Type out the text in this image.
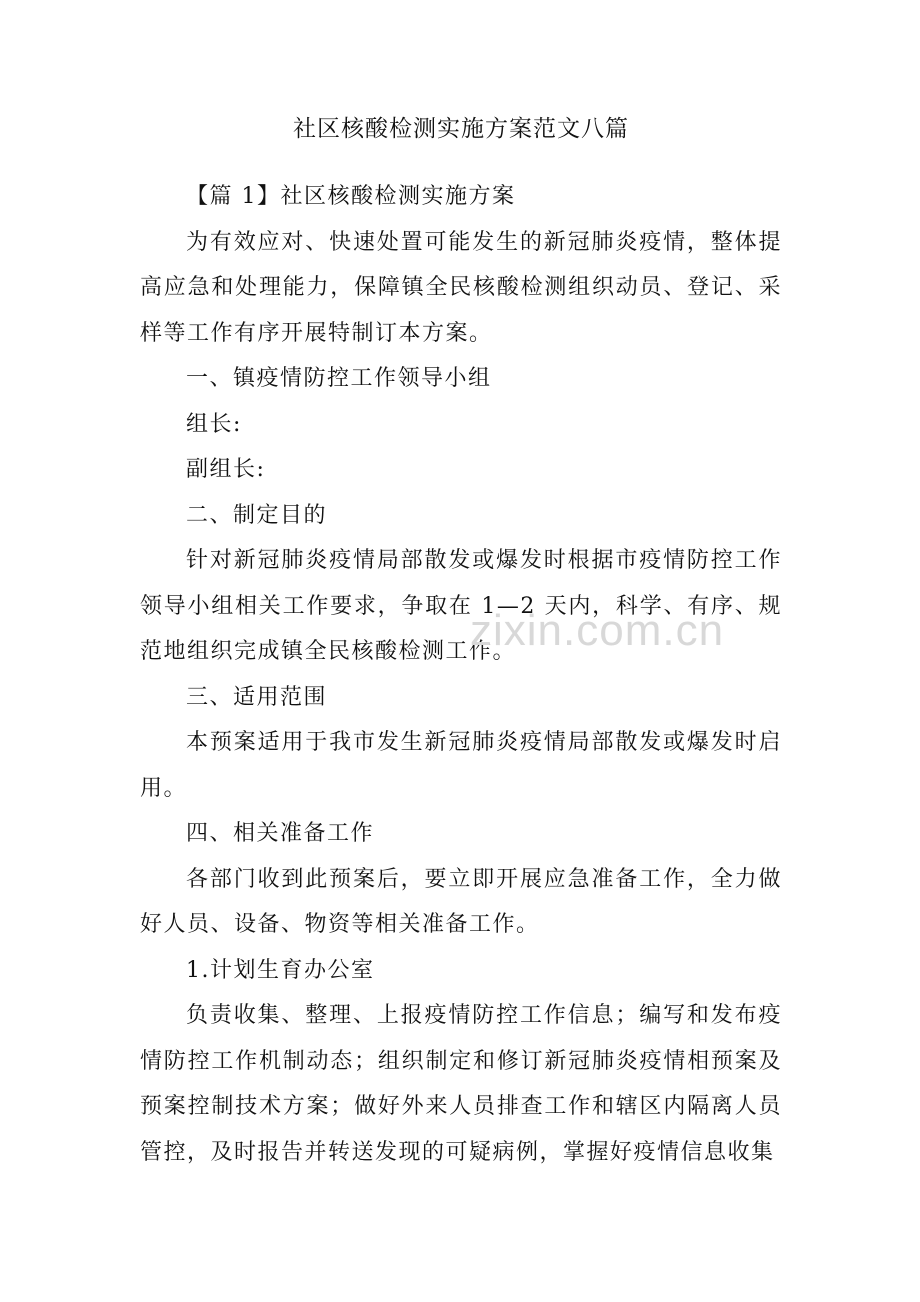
社区核酸检测实施方案范文八篇

【篇 1】社区核酸检测实施方案

为有效应对、快速处置可能发生的新冠肺炎疫情，整体提高应急和处理能力，保障镇全民核酸检测组织动员、登记、采样等工作有序开展特制订本方案。

一、镇疫情防控工作领导小组

组长:

副组长:

二、制定目的

针对新冠肺炎疫情局部散发或爆发时根据市疫情防控工作领导小组相关工作要求，争取在 1—2 天内，科学、有序、规范地组织完成镇全民核酸检测工作。

三、适用范围

本预案适用于我市发生新冠肺炎疫情局部散发或爆发时启用。

四、相关准备工作

各部门收到此预案后，要立即开展应急准备工作，全力做好人员、设备、物资等相关准备工作。

1.计划生育办公室

负责收集、整理、上报疫情防控工作信息；编写和发布疫情防控工作机制动态；组织制定和修订新冠肺炎疫情相预案及预案控制技术方案；做好外来人员排查工作和辖区内隔离人员管控，及时报告并转送发现的可疑病例，掌握好疫情信息收集

zixin.com.cn
